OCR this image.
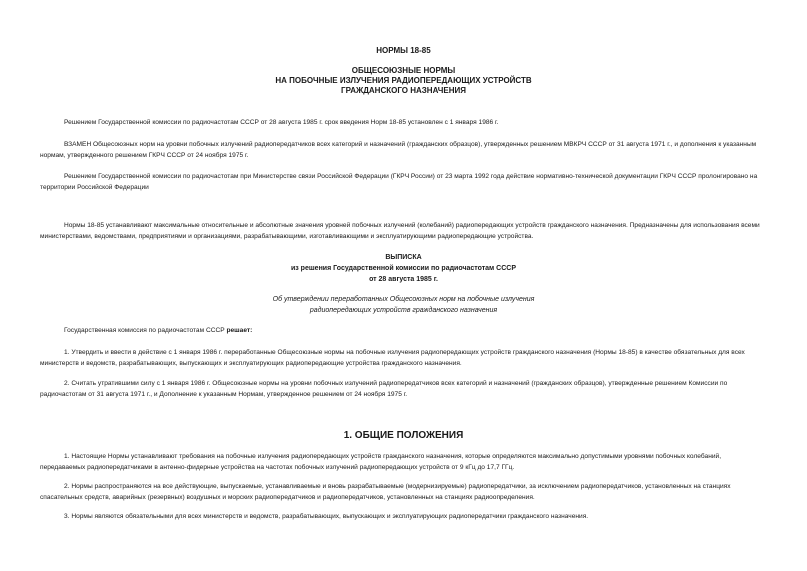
НОРМЫ 18-85
ОБЩЕСОЮЗНЫЕ НОРМЫ
НА ПОБОЧНЫЕ ИЗЛУЧЕНИЯ РАДИОПЕРЕДАЮЩИХ УСТРОЙСТВ
ГРАЖДАНСКОГО НАЗНАЧЕНИЯ
Решением Государственной комиссии по радиочастотам СССР от 28 августа 1985 г. срок введения Норм 18-85 установлен с 1 января 1986 г.
ВЗАМЕН Общесоюзных норм на уровни побочных излучений радиопередатчиков всех категорий и назначений (гражданских образцов), утвержденных решением МВКРЧ СССР от 31 августа 1971 г., и дополнения к указанным нормам, утвержденного решением ГКРЧ СССР от 24 ноября 1975 г.
Решением Государственной комиссии по радиочастотам при Министерстве связи Российской Федерации (ГКРЧ России) от 23 марта 1992 года действие нормативно-технической документации ГКРЧ СССР пролонгировано на территории Российской Федерации
Нормы 18-85 устанавливают максимальные относительные и абсолютные значения уровней побочных излучений (колебаний) радиопередающих устройств гражданского назначения. Предназначены для использования всеми министерствами, ведомствами, предприятиями и организациями, разрабатывающими, изготавливающими и эксплуатирующими радиопередающие устройства.
ВЫПИСКА
из решения Государственной комиссии по радиочастотам СССР
от 28 августа 1985 г.
Об утверждении переработанных Общесоюзных норм на побочные излучения
радиопередающих устройств гражданского назначения
Государственная комиссия по радиочастотам СССР решает:
1. Утвердить и ввести в действие с 1 января 1986 г. переработанные Общесоюзные нормы на побочные излучения радиопередающих устройств гражданского назначения (Нормы 18-85) в качестве обязательных для всех министерств и ведомств, разрабатывающих, выпускающих и эксплуатирующих радиопередающие устройства гражданского назначения.
2. Считать утратившими силу с 1 января 1986 г. Общесоюзные нормы на уровни побочных излучений радиопередатчиков всех категорий и назначений (гражданских образцов), утвержденные решением Комиссии по радиочастотам от 31 августа 1971 г., и Дополнение к указанным Нормам, утвержденное решением от 24 ноября 1975 г.
1. ОБЩИЕ ПОЛОЖЕНИЯ
1. Настоящие Нормы устанавливают требования на побочные излучения радиопередающих устройств гражданского назначения, которые определяются максимально допустимыми уровнями побочных колебаний, передаваемых радиопередатчиками в антенно-фидерные устройства на частотах побочных излучений радиопередающих устройств от 9 кГц до 17,7 ГГц.
2. Нормы распространяются на все действующие, выпускаемые, устанавливаемые и вновь разрабатываемые (модернизируемые) радиопередатчики, за исключением радиопередатчиков, установленных на станциях спасательных средств, аварийных (резервных) воздушных и морских радиопередатчиков и радиопередатчиков, установленных на станциях радиоопределения.
3. Нормы являются обязательными для всех министерств и ведомств, разрабатывающих, выпускающих и эксплуатирующих радиопередатчики гражданского назначения.
